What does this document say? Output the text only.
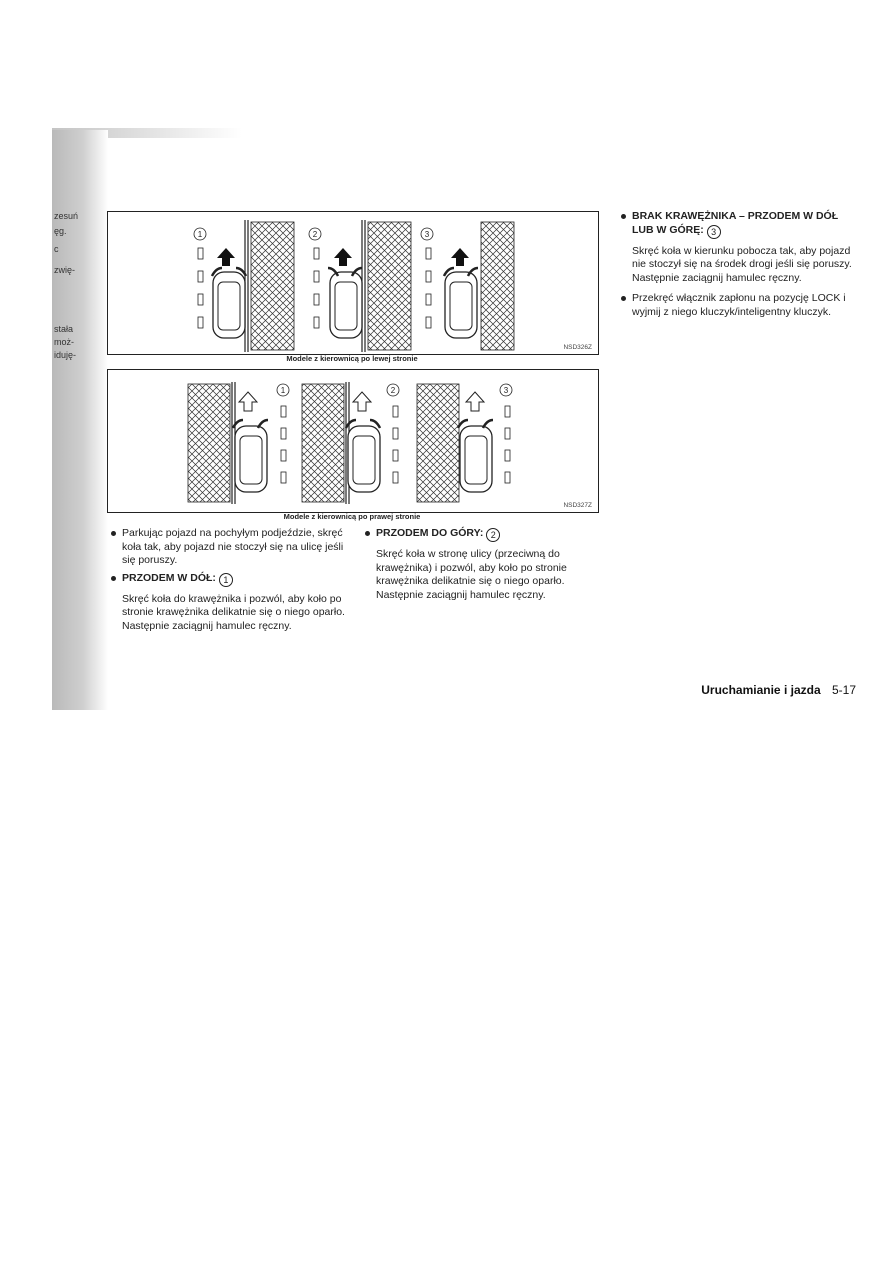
zesuń
ęg.
c
zwię-
stała
moż-
iduję-
1	2	3
NSD326Z
Modele z kierownicą po lewej stronie
1	2	3
NSD327Z
Modele z kierownicą po prawej stronie
Parkując pojazd na pochyłym podjeździe, skręć koła tak, aby pojazd nie stoczył się na ulicę jeśli się poruszy.
PRZODEM W DÓŁ: 1
Skręć koła do krawężnika i pozwól, aby koło po stronie krawężnika delikatnie się o niego oparło. Następnie zaciągnij hamulec ręczny.
PRZODEM DO GÓRY: 2
Skręć koła w stronę ulicy (przeciwną do krawężnika) i pozwól, aby koło po stronie krawężnika delikatnie się o niego oparło. Następnie zaciągnij hamulec ręczny.
BRAK KRAWĘŻNIKA – PRZODEM W DÓŁ LUB W GÓRĘ: 3
Skręć koła w kierunku pobocza tak, aby pojazd nie stoczył się na środek drogi jeśli się poruszy. Następnie zaciągnij hamulec ręczny.
Przekręć włącznik zapłonu na pozycję LOCK i wyjmij z niego kluczyk/inteligentny kluczyk.
Uruchamianie i jazda 5-17
